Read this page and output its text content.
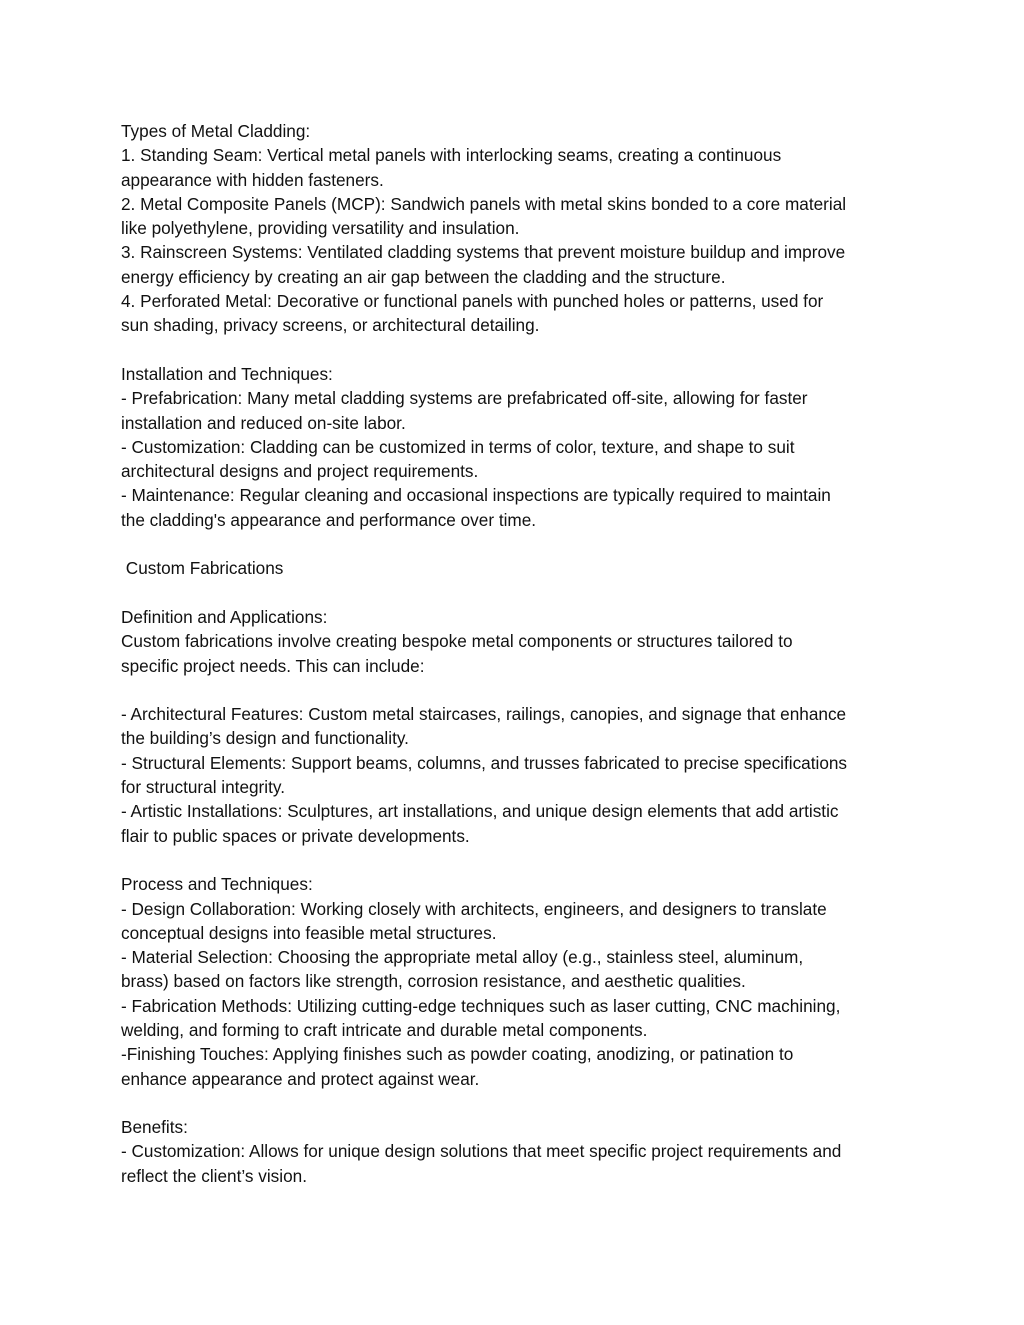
Types of Metal Cladding:
1. Standing Seam: Vertical metal panels with interlocking seams, creating a continuous
appearance with hidden fasteners.
2. Metal Composite Panels (MCP): Sandwich panels with metal skins bonded to a core material
like polyethylene, providing versatility and insulation.
3. Rainscreen Systems: Ventilated cladding systems that prevent moisture buildup and improve
energy efficiency by creating an air gap between the cladding and the structure.
4. Perforated Metal: Decorative or functional panels with punched holes or patterns, used for
sun shading, privacy screens, or architectural detailing.
Installation and Techniques:
- Prefabrication: Many metal cladding systems are prefabricated off-site, allowing for faster
installation and reduced on-site labor.
- Customization: Cladding can be customized in terms of color, texture, and shape to suit
architectural designs and project requirements.
- Maintenance: Regular cleaning and occasional inspections are typically required to maintain
the cladding's appearance and performance over time.
Custom Fabrications
Definition and Applications:
Custom fabrications involve creating bespoke metal components or structures tailored to
specific project needs. This can include:
- Architectural Features: Custom metal staircases, railings, canopies, and signage that enhance
the building’s design and functionality.
- Structural Elements: Support beams, columns, and trusses fabricated to precise specifications
for structural integrity.
- Artistic Installations: Sculptures, art installations, and unique design elements that add artistic
flair to public spaces or private developments.
Process and Techniques:
- Design Collaboration: Working closely with architects, engineers, and designers to translate
conceptual designs into feasible metal structures.
- Material Selection: Choosing the appropriate metal alloy (e.g., stainless steel, aluminum,
brass) based on factors like strength, corrosion resistance, and aesthetic qualities.
- Fabrication Methods: Utilizing cutting-edge techniques such as laser cutting, CNC machining,
welding, and forming to craft intricate and durable metal components.
-Finishing Touches: Applying finishes such as powder coating, anodizing, or patination to
enhance appearance and protect against wear.
Benefits:
- Customization: Allows for unique design solutions that meet specific project requirements and
reflect the client’s vision.
